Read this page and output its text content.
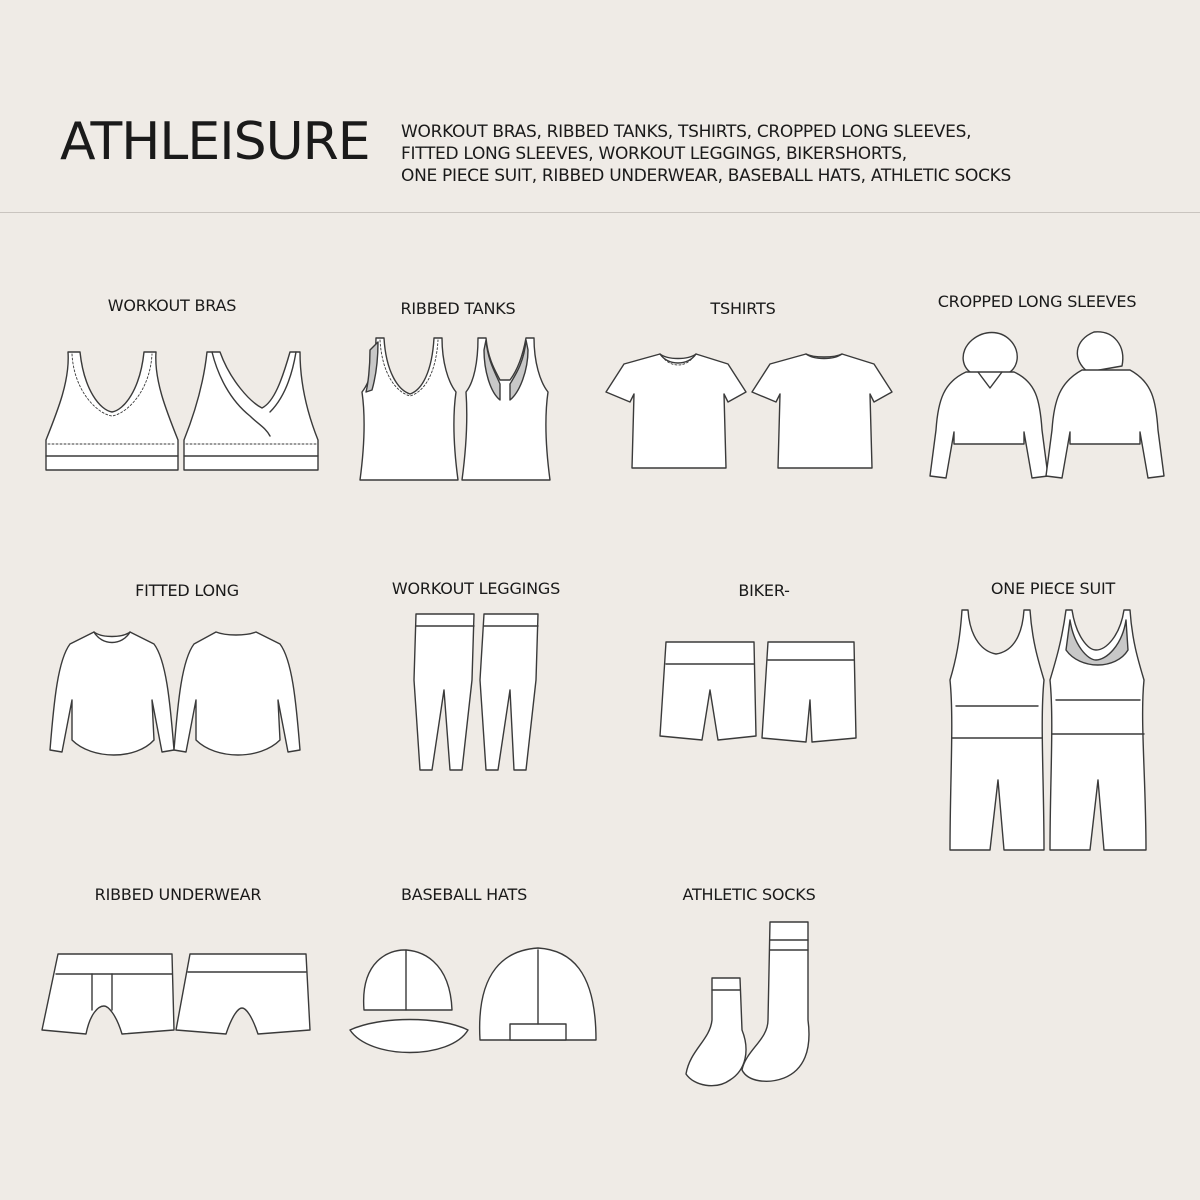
ATHLEISURE WORKOUT BRAS, RIBBED TANKS, TSHIRTS, CROPPED LONG SLEEVES,
FITTED LONG SLEEVES, WORKOUT LEGGINGS, BIKERSHORTS,
ONE PIECE SUIT, RIBBED UNDERWEAR, BASEBALL HATS, ATHLETIC SOCKS
WORKOUT BRAS	RIBBED TANKS	TSHIRTS	CROPPED LONG SLEEVES
FITTED LONG	WORKOUT LEGGINGS	BIKER-	ONE PIECE SUIT
RIBBED UNDERWEAR	BASEBALL HATS	ATHLETIC SOCKS
